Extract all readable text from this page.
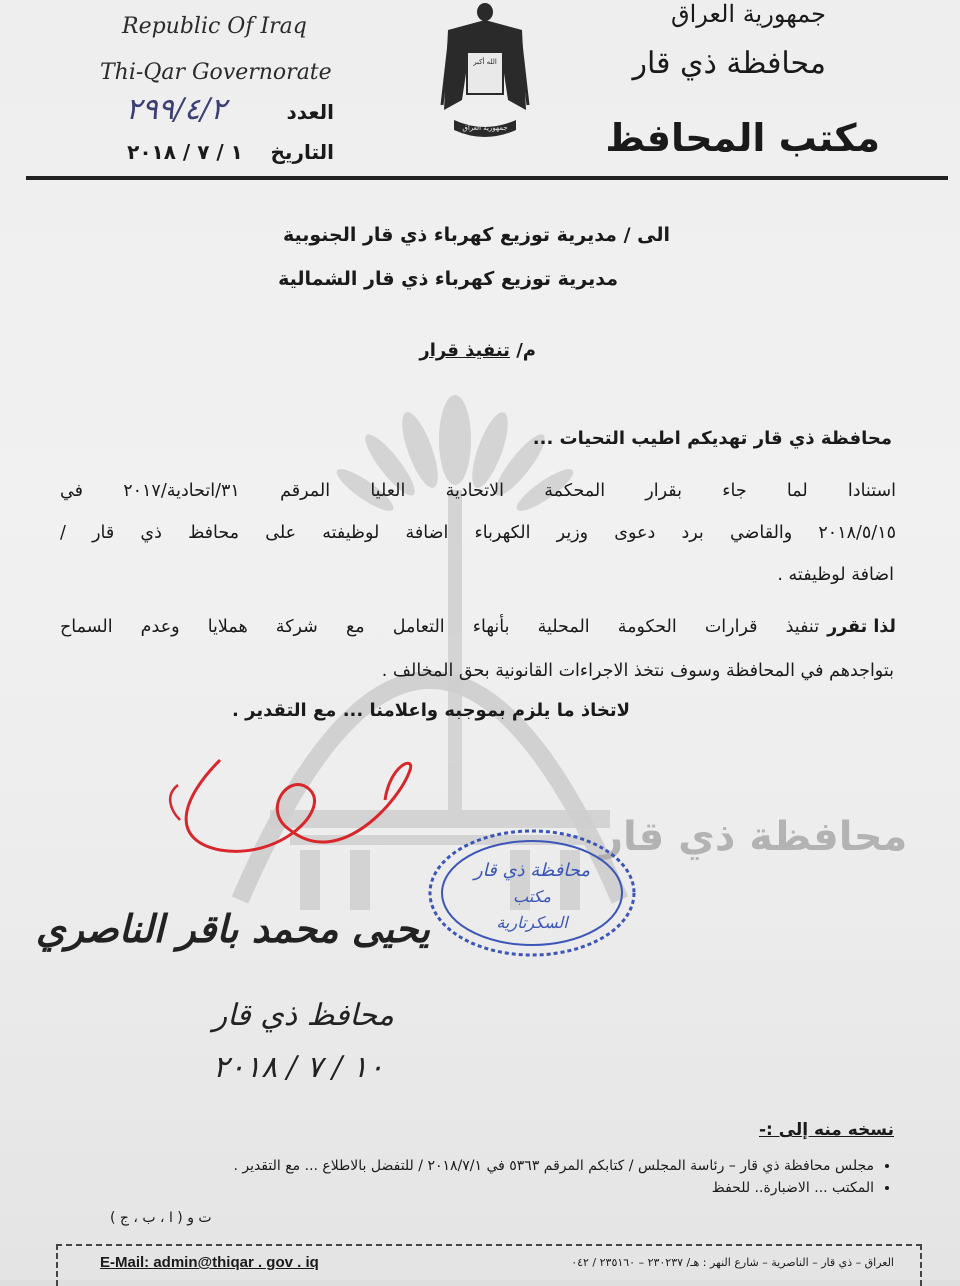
محافظة ذي قار
Republic Of Iraq
Thi-Qar Governorate
العدد
٢٩٩/٤/٢
التاريخ
١ / ٧ / ٢٠١٨
الله أكبر
جمهورية العراق
جمهورية العراق
محافظة ذي قار
مكتب المحافظ
الى / مديرية توزيع كهرباء ذي قار الجنوبية
مديرية توزيع كهرباء ذي قار الشمالية
م/ تنفيذ قرار
محافظة ذي قار تهديكم اطيب التحيات ...
استنادا لما جاء بقرار المحكمة الاتحادية العليا المرقم ٣١/اتحادية/٢٠١٧ في
٢٠١٨/٥/١٥ والقاضي برد دعوى وزير الكهرباء اضافة لوظيفته على محافظ ذي قار /
اضافة لوظيفته .
لذا تقرر
تنفيذ قرارات الحكومة المحلية بأنهاء التعامل مع شركة هملايا وعدم السماح
بتواجدهم في المحافظة وسوف نتخذ الاجراءات القانونية بحق المخالف .
لاتخاذ ما يلزم بموجبه واعلامنا ... مع التقدير .
محافظة ذي قار
مكتب
السكرتارية
يحيى محمد باقر الناصري
محافظ ذي قار
١٠ / ٧ / ٢٠١٨
نسخه منه إلى :-
• مجلس محافظة ذي قار – رئاسة المجلس / كتابكم المرقم ٥٣٦٣ في ٢٠١٨/٧/١ / للتفضل بالاطلاع ... مع التقدير .
• المكتب ... الاضبارة.. للحفظ
ت و ( ا ، ب ، ج )
E-Mail: admin@thiqar . gov . iq	العراق – ذي قار – الناصرية – شارع النهر : هـ/ ٢٣٠٢٣٧ – ٢٣٥١٦٠ / ٠٤٢
